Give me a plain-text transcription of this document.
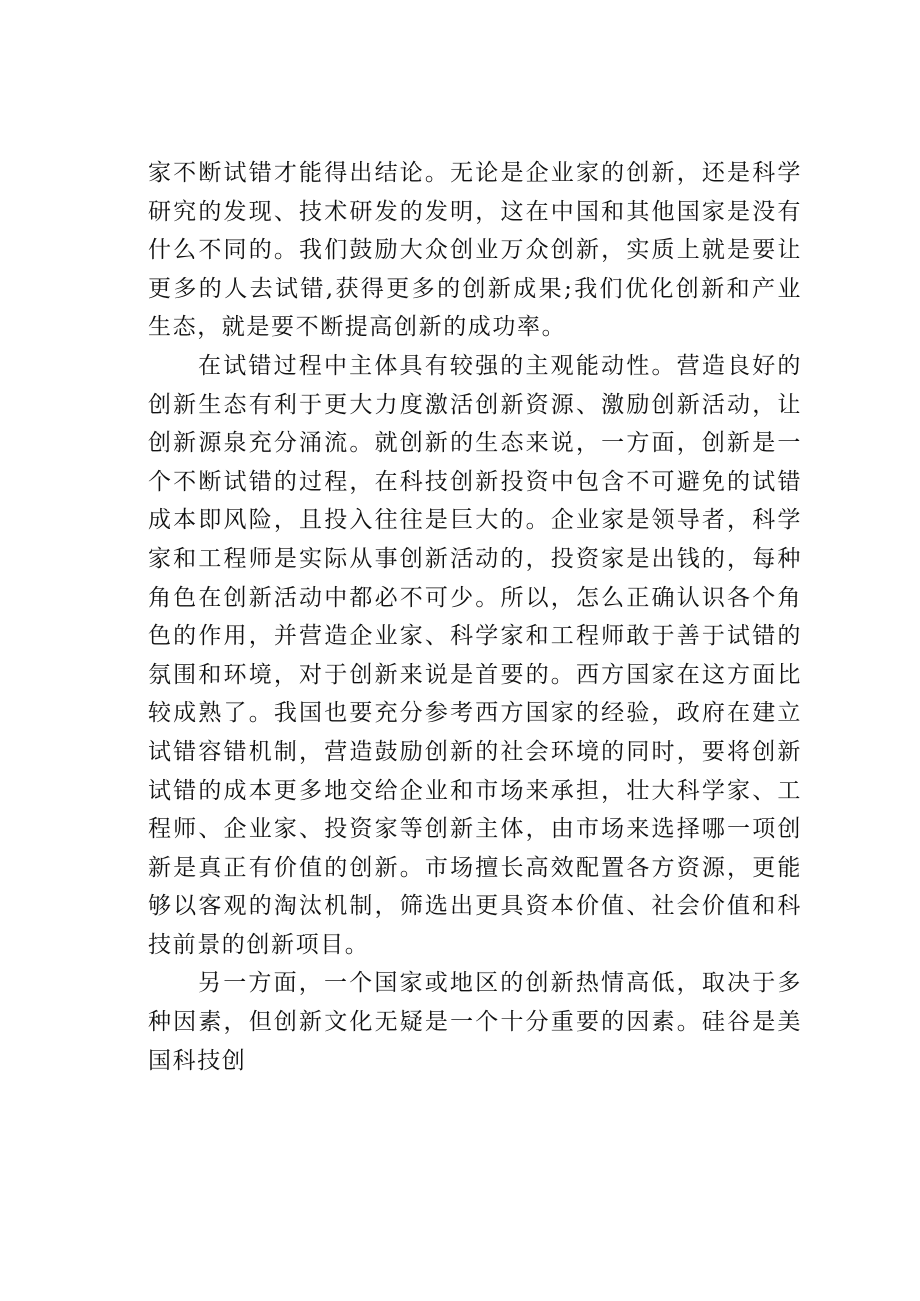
家不断试错才能得出结论。无论是企业家的创新，还是科学研究的发现、技术研发的发明，这在中国和其他国家是没有什么不同的。我们鼓励大众创业万众创新，实质上就是要让更多的人去试错,获得更多的创新成果;我们优化创新和产业生态，就是要不断提高创新的成功率。

在试错过程中主体具有较强的主观能动性。营造良好的创新生态有利于更大力度激活创新资源、激励创新活动，让创新源泉充分涌流。就创新的生态来说，一方面，创新是一个不断试错的过程，在科技创新投资中包含不可避免的试错成本即风险，且投入往往是巨大的。企业家是领导者，科学家和工程师是实际从事创新活动的，投资家是出钱的，每种角色在创新活动中都必不可少。所以，怎么正确认识各个角色的作用，并营造企业家、科学家和工程师敢于善于试错的氛围和环境，对于创新来说是首要的。西方国家在这方面比较成熟了。我国也要充分参考西方国家的经验，政府在建立试错容错机制，营造鼓励创新的社会环境的同时，要将创新试错的成本更多地交给企业和市场来承担，壮大科学家、工程师、企业家、投资家等创新主体，由市场来选择哪一项创新是真正有价值的创新。市场擅长高效配置各方资源，更能够以客观的淘汰机制，筛选出更具资本价值、社会价值和科技前景的创新项目。

另一方面，一个国家或地区的创新热情高低，取决于多种因素，但创新文化无疑是一个十分重要的因素。硅谷是美国科技创
